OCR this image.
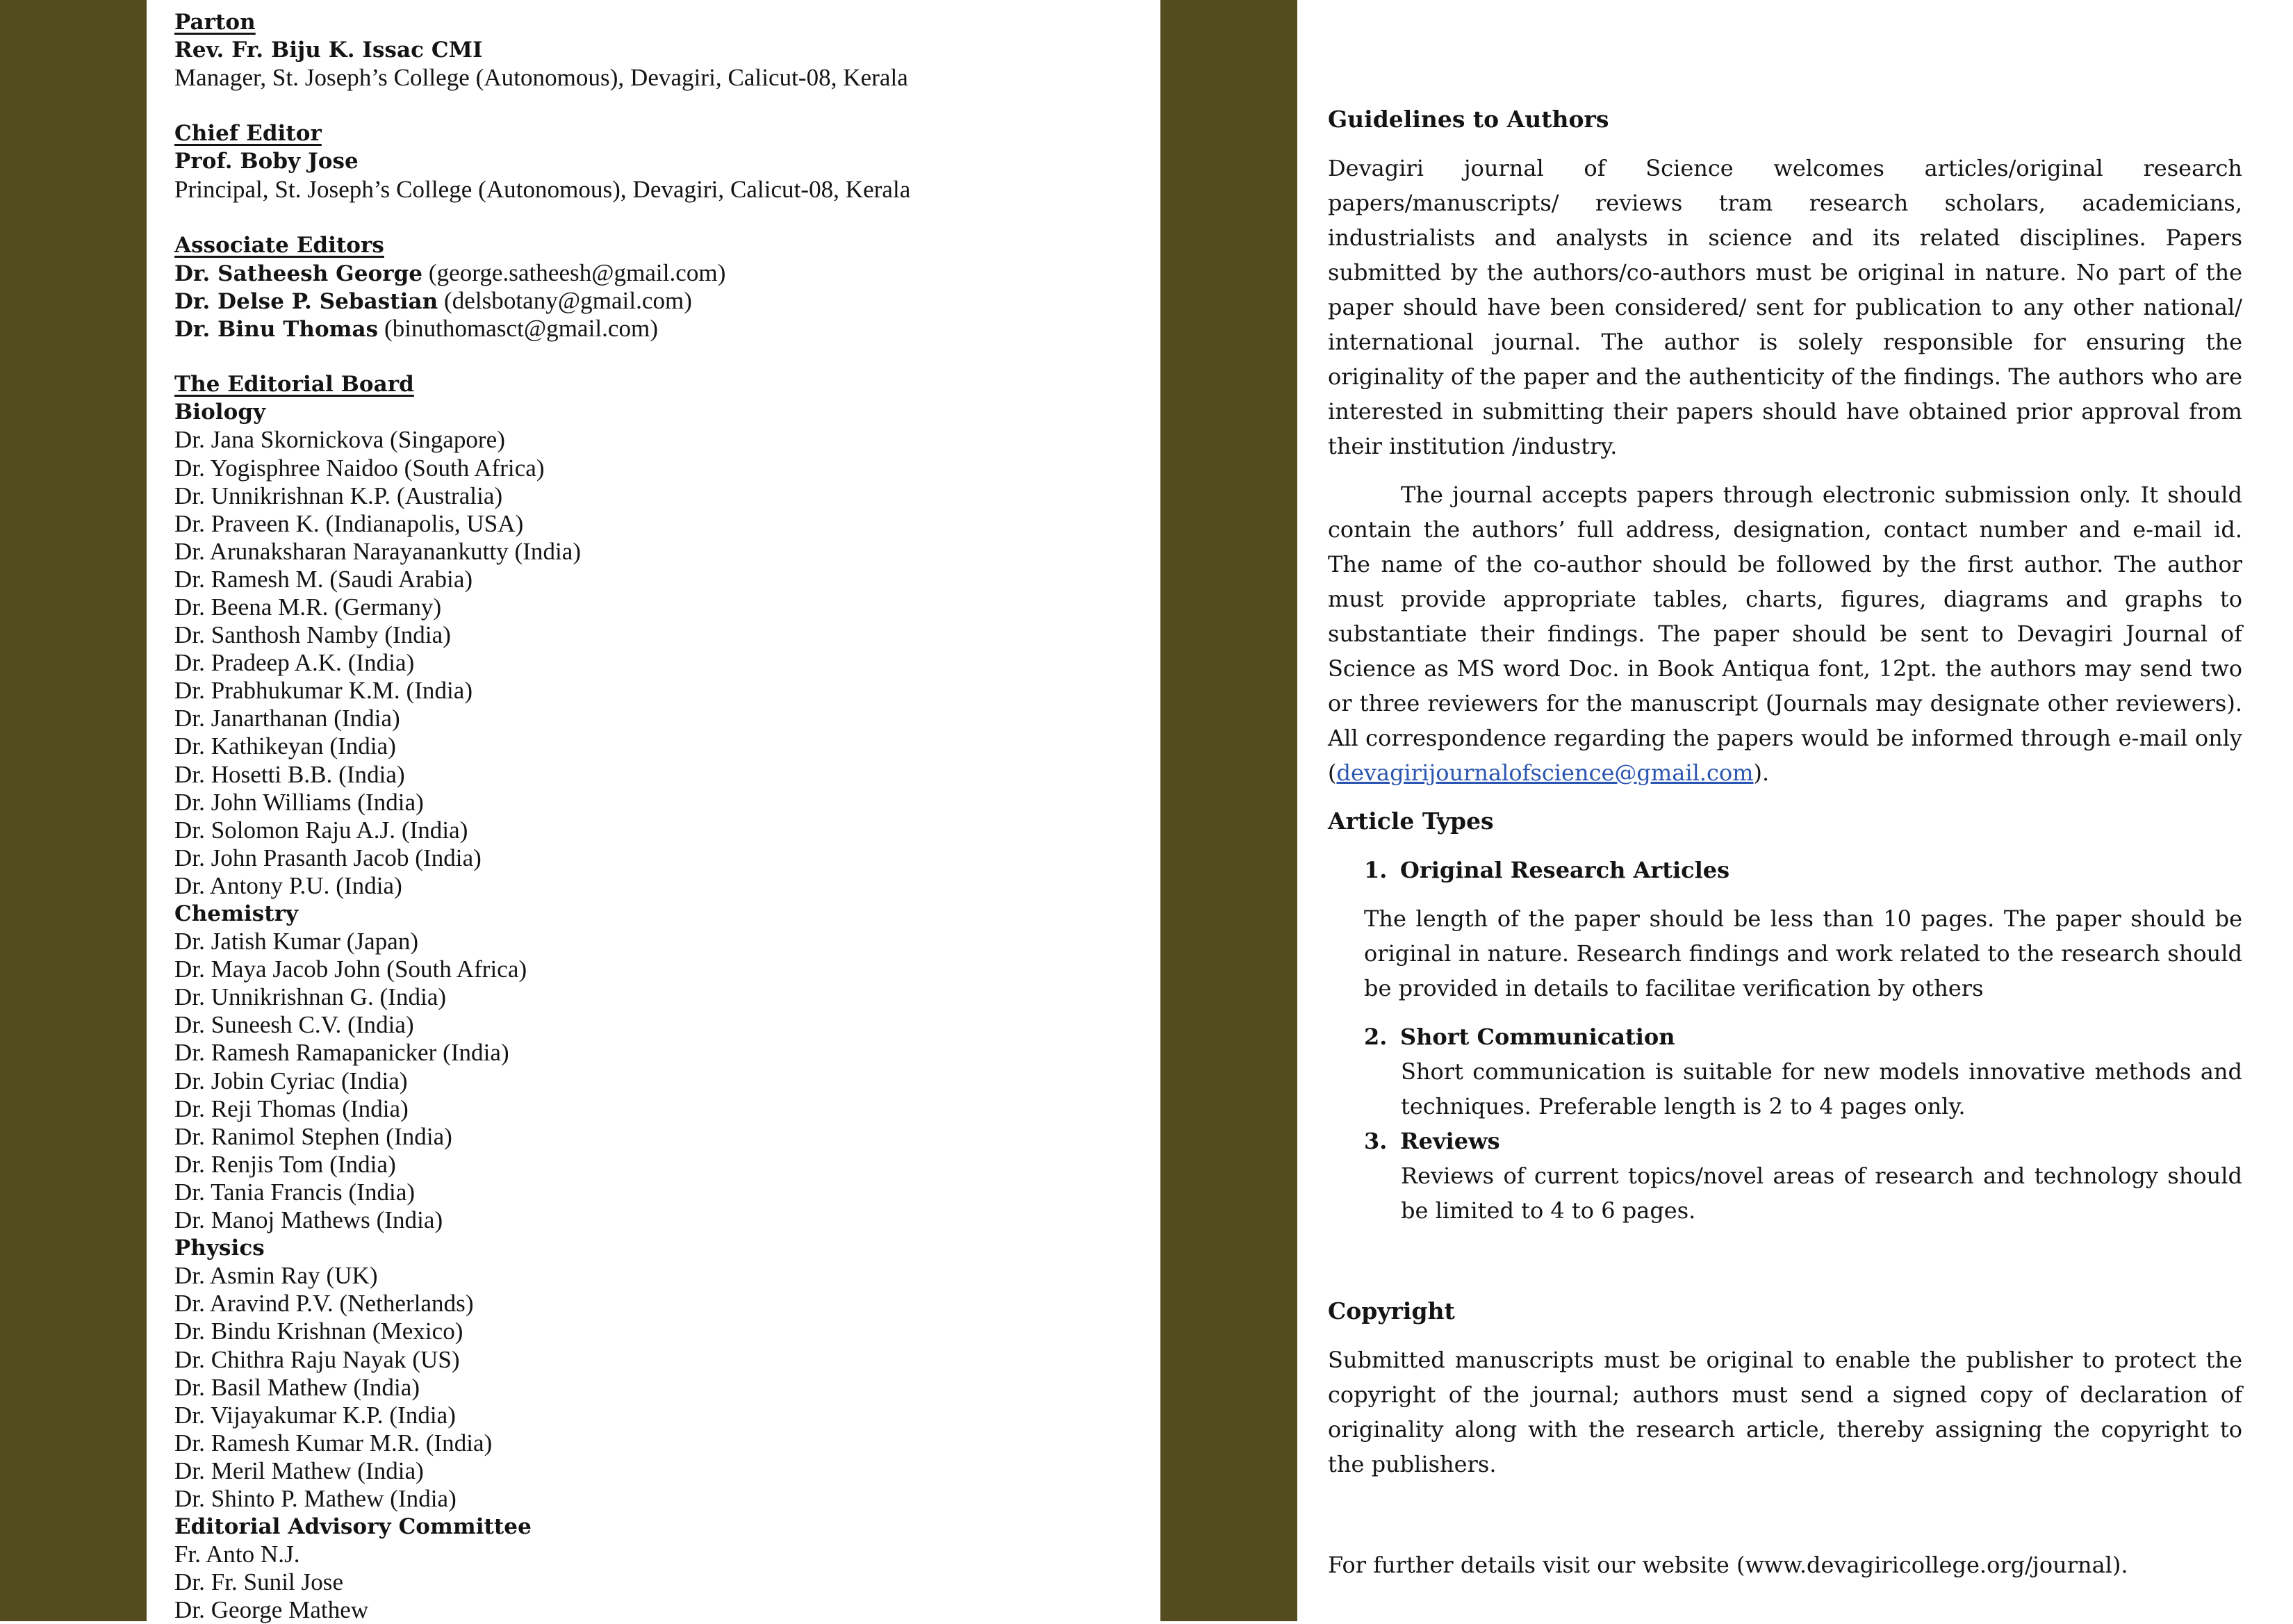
Parton
Rev. Fr. Biju K. Issac CMI
Manager, St. Joseph’s College (Autonomous), Devagiri, Calicut-08, Kerala
Chief Editor
Prof. Boby Jose
Principal, St. Joseph’s College (Autonomous), Devagiri, Calicut-08, Kerala
Associate Editors
Dr. Satheesh George (george.satheesh@gmail.com)
Dr. Delse P. Sebastian (delsbotany@gmail.com)
Dr. Binu Thomas (binuthomasct@gmail.com)
The Editorial Board
Biology
Dr. Jana Skornickova (Singapore)
Dr. Yogisphree Naidoo (South Africa)
Dr. Unnikrishnan K.P. (Australia)
Dr. Praveen K. (Indianapolis, USA)
Dr. Arunaksharan Narayanankutty (India)
Dr. Ramesh M. (Saudi Arabia)
Dr. Beena M.R. (Germany)
Dr. Santhosh Namby (India)
Dr. Pradeep A.K. (India)
Dr. Prabhukumar K.M. (India)
Dr. Janarthanan (India)
Dr. Kathikeyan (India)
Dr. Hosetti B.B. (India)
Dr. John Williams (India)
Dr. Solomon Raju A.J. (India)
Dr. John Prasanth Jacob (India)
Dr. Antony P.U. (India)
Chemistry
Dr. Jatish Kumar (Japan)
Dr. Maya Jacob John (South Africa)
Dr. Unnikrishnan G. (India)
Dr. Suneesh C.V. (India)
Dr. Ramesh Ramapanicker (India)
Dr. Jobin Cyriac (India)
Dr. Reji Thomas (India)
Dr. Ranimol Stephen (India)
Dr. Renjis Tom (India)
Dr. Tania Francis (India)
Dr. Manoj Mathews (India)
Physics
Dr. Asmin Ray (UK)
Dr. Aravind P.V. (Netherlands)
Dr. Bindu Krishnan (Mexico)
Dr. Chithra Raju Nayak (US)
Dr. Basil Mathew (India)
Dr. Vijayakumar K.P. (India)
Dr. Ramesh Kumar M.R. (India)
Dr. Meril Mathew (India)
Dr. Shinto P. Mathew (India)
Editorial Advisory Committee
Fr. Anto N.J.
Dr. Fr. Sunil Jose
Dr. George Mathew

Guidelines to Authors

Devagiri journal of Science welcomes articles/original research papers/manuscripts/ reviews tram research scholars, academicians, industrialists and analysts in science and its related disciplines. Papers submitted by the authors/co-authors must be original in nature. No part of the paper should have been considered/ sent for publication to any other national/ international journal. The author is solely responsible for ensuring the originality of the paper and the authenticity of the findings. The authors who are interested in submitting their papers should have obtained prior approval from their institution /industry.

The journal accepts papers through electronic submission only. It should contain the authors’ full address, designation, contact number and e-mail id. The name of the co-author should be followed by the first author. The author must provide appropriate tables, charts, figures, diagrams and graphs to substantiate their findings. The paper should be sent to Devagiri Journal of Science as MS word Doc. in Book Antiqua font, 12pt. the authors may send two or three reviewers for the manuscript (Journals may designate other reviewers). All correspondence regarding the papers would be informed through e-mail only (devagirijournalofscience@gmail.com).

Article Types

1. Original Research Articles
The length of the paper should be less than 10 pages. The paper should be original in nature. Research findings and work related to the research should be provided in details to facilitae verification by others
2. Short Communication
Short communication is suitable for new models innovative methods and techniques. Preferable length is 2 to 4 pages only.
3. Reviews
Reviews of current topics/novel areas of research and technology should be limited to 4 to 6 pages.

Copyright

Submitted manuscripts must be original to enable the publisher to protect the copyright of the journal; authors must send a signed copy of declaration of originality along with the research article, thereby assigning the copyright to the publishers.

For further details visit our website (www.devagiricollege.org/journal).
